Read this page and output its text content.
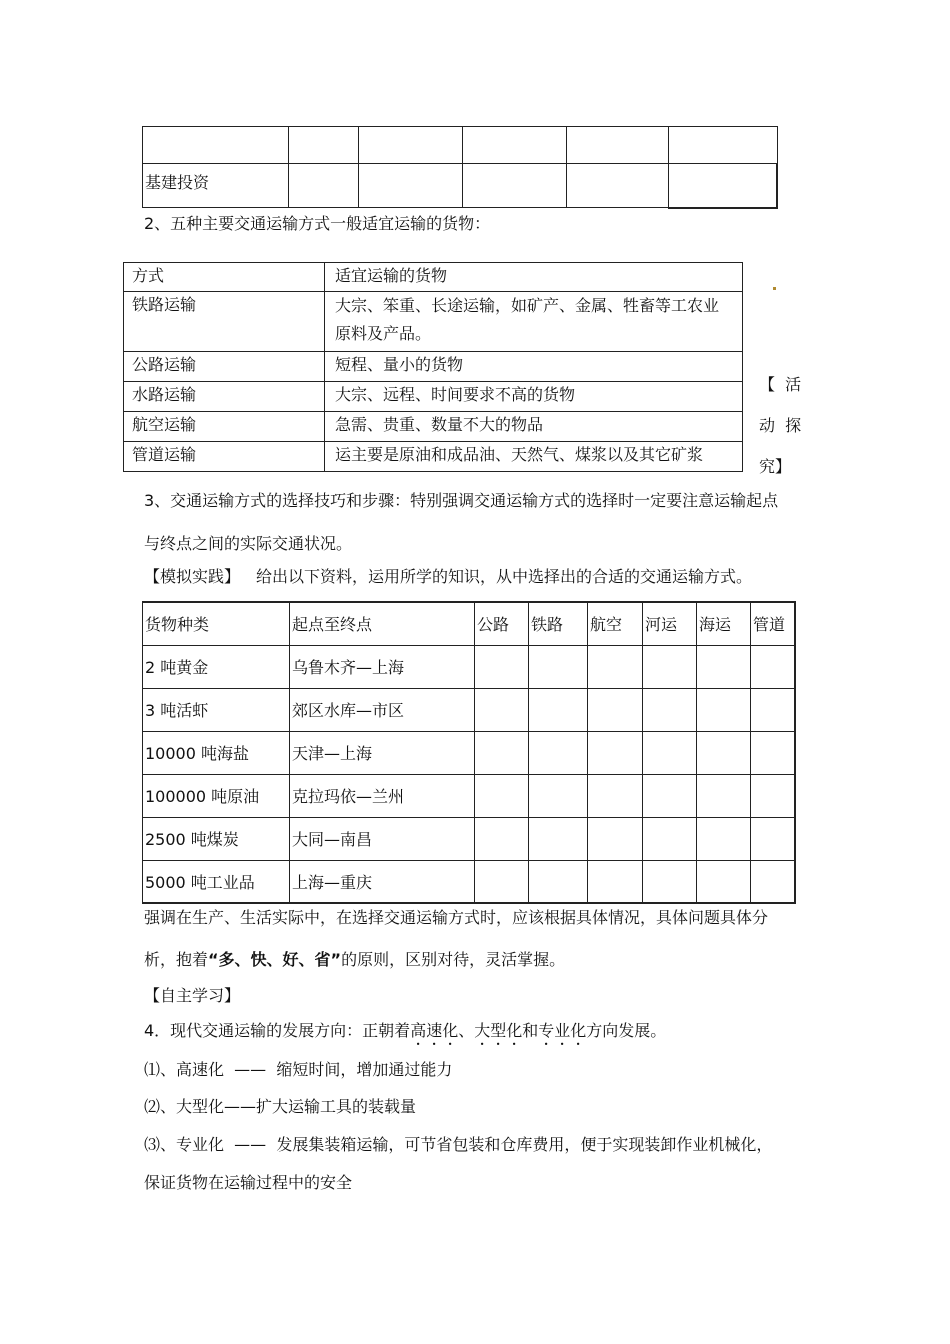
基建投资					
2、五种主要交通运输方式一般适宜运输的货物：
方式	适宜运输的货物
铁路运输	大宗、笨重、长途运输，如矿产、金属、牲畜等工农业
原料及产品。

公路运输	短程、量小的货物
水路运输	大宗、远程、时间要求不高的货物
航空运输	急需、贵重、数量不大的物品
管道运输	运主要是原油和成品油、天然气、煤浆以及其它矿浆
【  活
动  探
究】
3、交通运输方式的选择技巧和步骤：特别强调交通运输方式的选择时一定要注意运输起点
与终点之间的实际交通状况。
【模拟实践】 给出以下资料，运用所学的知识，从中选择出的合适的交通运输方式。
货物种类	起点至终点	公路	铁路	航空	河运	海运	管道
2 吨黄金	乌鲁木齐—上海						
3 吨活虾	郊区水库—市区						
10000 吨海盐	天津—上海						
100000 吨原油	克拉玛依—兰州						
2500 吨煤炭	大同—南昌						
5000 吨工业品	上海—重庆						
强调在生产、生活实际中，在选择交通运输方式时，应该根据具体情况，具体问题具体分
析，抱着“多、快、好、省”的原则，区别对待，灵活掌握。
【自主学习】
4．现代交通运输的发展方向：正朝着高速化、大型化和专业化方向发展。
⑴、高速化  ——  缩短时间，增加通过能力
⑵、大型化——扩大运输工具的装载量
⑶、专业化  ——  发展集装箱运输，可节省包装和仓库费用，便于实现装卸作业机械化，
保证货物在运输过程中的安全
